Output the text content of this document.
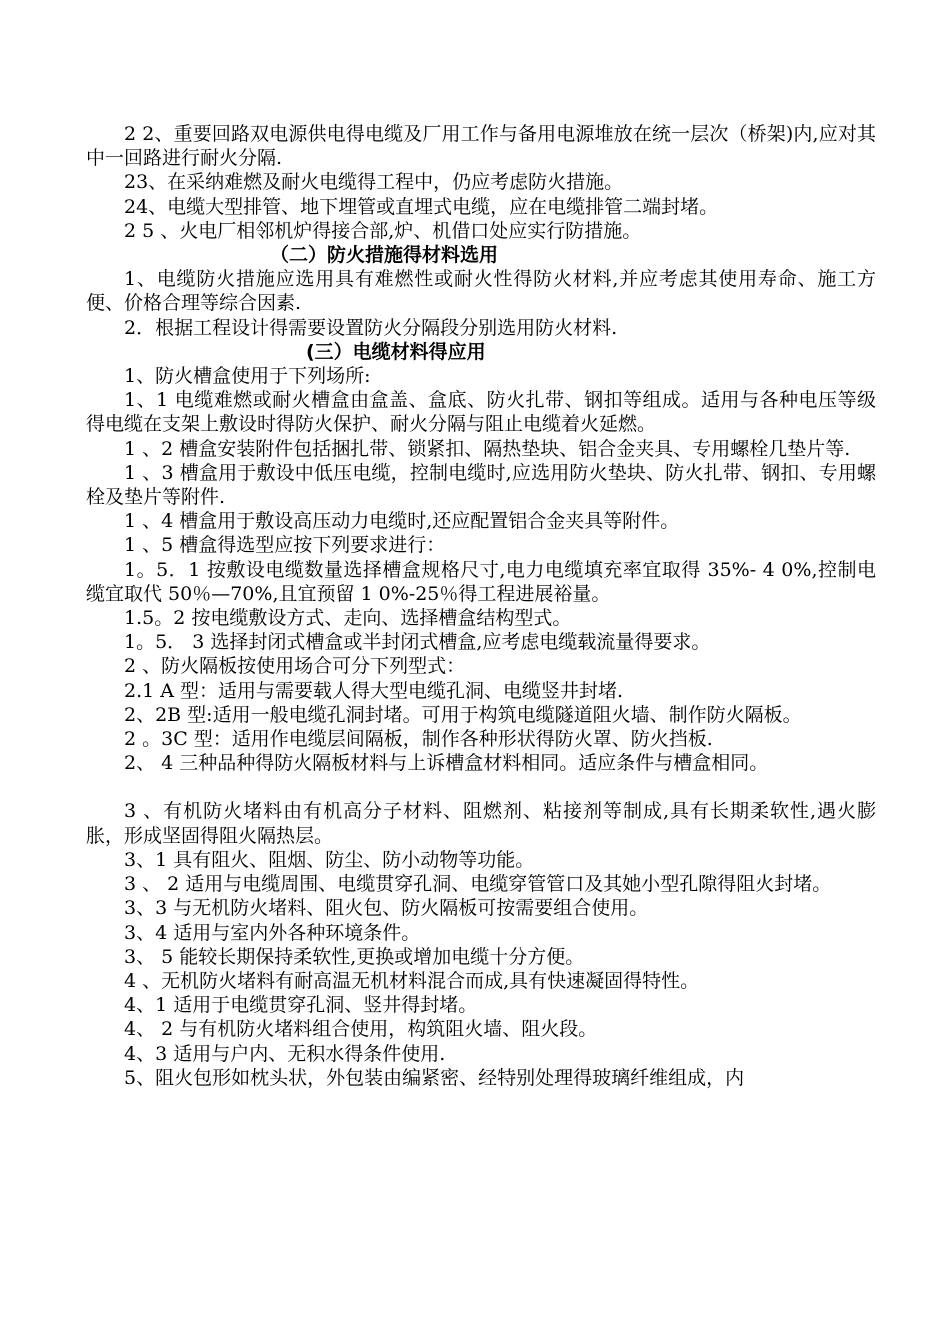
2 2、重要回路双电源供电得电缆及厂用工作与备用电源堆放在统一层次（桥架)内,应对其中一回路进行耐火分隔.

23、在采纳难燃及耐火电缆得工程中，仍应考虑防火措施。

24、电缆大型排管、地下埋管或直埋式电缆，应在电缆排管二端封堵。

2 5 、火电厂相邻机炉得接合部,炉、机借口处应实行防措施。

（二）防火措施得材料选用

1、电缆防火措施应选用具有难燃性或耐火性得防火材料,并应考虑其使用寿命、施工方便、价格合理等综合因素.

2．根据工程设计得需要设置防火分隔段分别选用防火材料.

(三）电缆材料得应用

1、防火槽盒使用于下列场所:

1、1 电缆难燃或耐火槽盒由盒盖、盒底、防火扎带、钢扣等组成。适用与各种电压等级得电缆在支架上敷设时得防火保护、耐火分隔与阻止电缆着火延燃。

1 、2 槽盒安装附件包括捆扎带、锁紧扣、隔热垫块、铝合金夹具、专用螺栓几垫片等.

1 、3 槽盒用于敷设中低压电缆，控制电缆时,应选用防火垫块、防火扎带、钢扣、专用螺栓及垫片等附件.

1 、4 槽盒用于敷设高压动力电缆时,还应配置铝合金夹具等附件。

1 、5 槽盒得选型应按下列要求进行：

1。5．1 按敷设电缆数量选择槽盒规格尺寸,电力电缆填充率宜取得 35%- 4 0%,控制电缆宜取代 50％—70%,且宜预留 1 0%-25％得工程进展裕量。

1.5。2 按电缆敷设方式、走向、选择槽盒结构型式。

1。5． 3 选择封闭式槽盒或半封闭式槽盒,应考虑电缆载流量得要求。

2 、防火隔板按使用场合可分下列型式：

2.1 A 型：适用与需要载人得大型电缆孔洞、电缆竖井封堵.

2、2B 型:适用一般电缆孔洞封堵。可用于构筑电缆隧道阻火墙、制作防火隔板。

2 。3C 型：适用作电缆层间隔板，制作各种形状得防火罩、防火挡板.

2、 4 三种品种得防火隔板材料与上诉槽盒材料相同。适应条件与槽盒相同。

3 、有机防火堵料由有机高分子材料、阻燃剂、粘接剂等制成,具有长期柔软性,遇火膨胀，形成坚固得阻火隔热层。

3、1 具有阻火、阻烟、防尘、防小动物等功能。

3 、 2 适用与电缆周围、电缆贯穿孔洞、电缆穿管管口及其她小型孔隙得阻火封堵。

3、3 与无机防火堵料、阻火包、防火隔板可按需要组合使用。

3、4 适用与室内外各种环境条件。

3、 5 能较长期保持柔软性,更换或增加电缆十分方便。

4 、无机防火堵料有耐高温无机材料混合而成,具有快速凝固得特性。

4、1 适用于电缆贯穿孔洞、竖井得封堵。

4、 2 与有机防火堵料组合使用，构筑阻火墙、阻火段。

4、3 适用与户内、无积水得条件使用.

5、阻火包形如枕头状，外包装由编紧密、经特别处理得玻璃纤维组成，内
